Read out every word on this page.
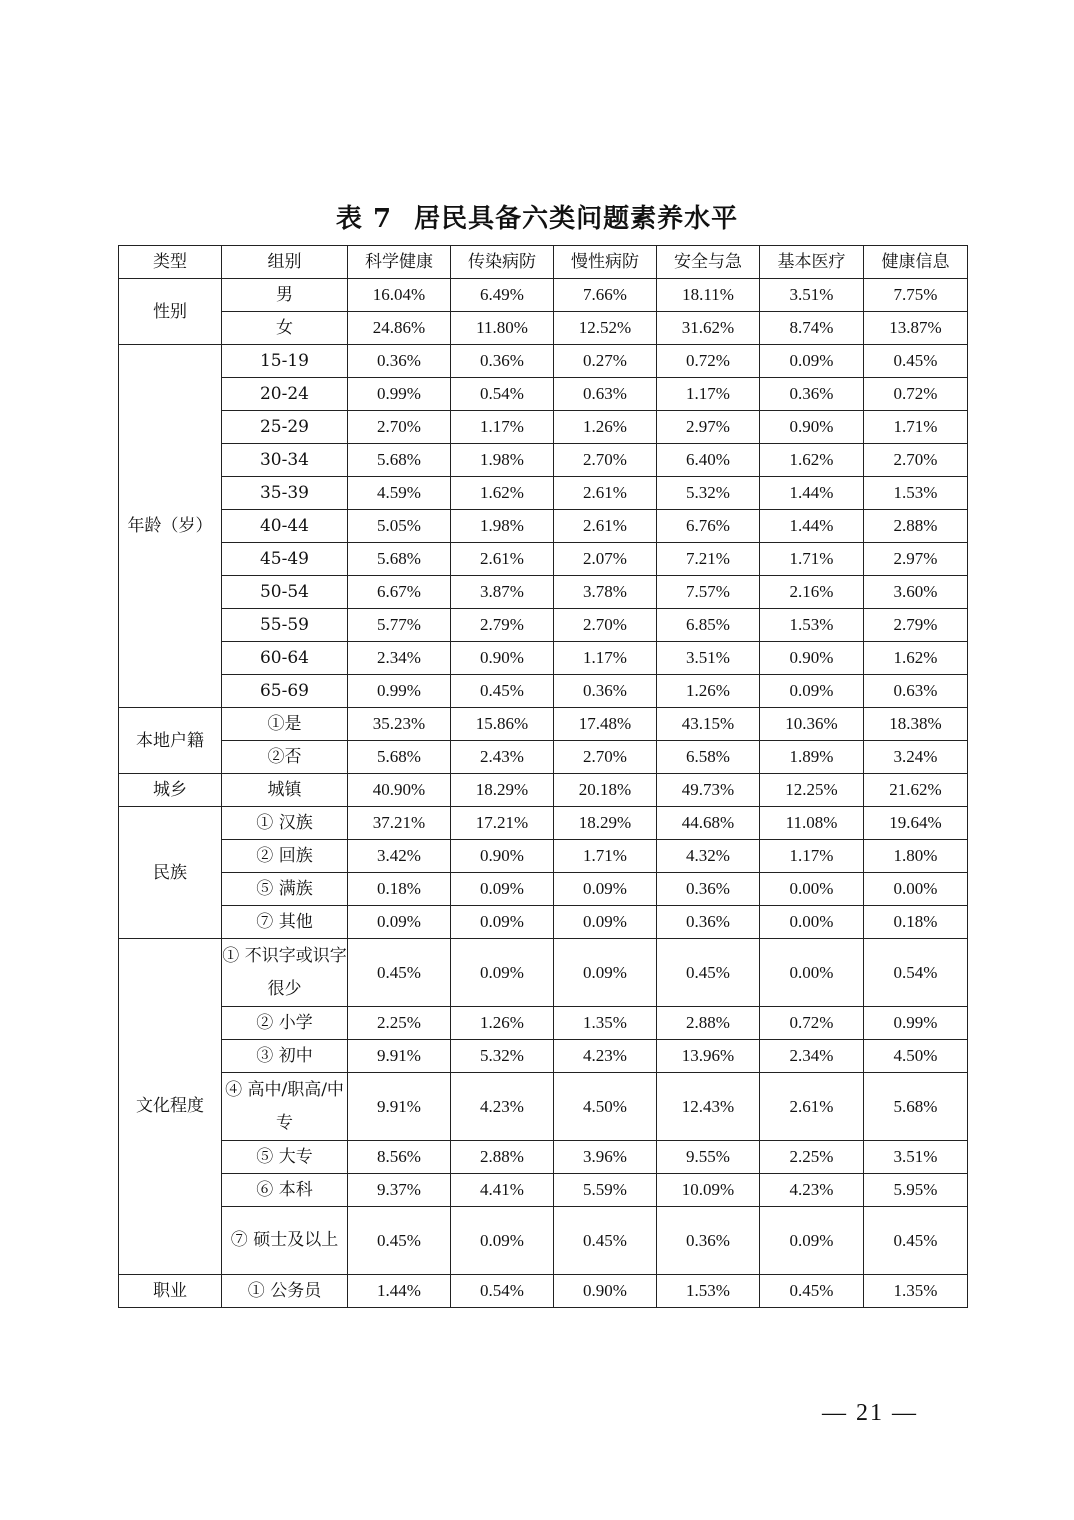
表 7 居民具备六类问题素养水平
类型	组别	科学健康	传染病防	慢性病防	安全与急	基本医疗	健康信息
性别	男	16.04%	6.49%	7.66%	18.11%	3.51%	7.75%
	女	24.86%	11.80%	12.52%	31.62%	8.74%	13.87%
年龄（岁）	15-19	0.36%	0.36%	0.27%	0.72%	0.09%	0.45%
	20-24	0.99%	0.54%	0.63%	1.17%	0.36%	0.72%
	25-29	2.70%	1.17%	1.26%	2.97%	0.90%	1.71%
	30-34	5.68%	1.98%	2.70%	6.40%	1.62%	2.70%
	35-39	4.59%	1.62%	2.61%	5.32%	1.44%	1.53%
	40-44	5.05%	1.98%	2.61%	6.76%	1.44%	2.88%
	45-49	5.68%	2.61%	2.07%	7.21%	1.71%	2.97%
	50-54	6.67%	3.87%	3.78%	7.57%	2.16%	3.60%
	55-59	5.77%	2.79%	2.70%	6.85%	1.53%	2.79%
	60-64	2.34%	0.90%	1.17%	3.51%	0.90%	1.62%
	65-69	0.99%	0.45%	0.36%	1.26%	0.09%	0.63%
本地户籍	①是	35.23%	15.86%	17.48%	43.15%	10.36%	18.38%
	②否	5.68%	2.43%	2.70%	6.58%	1.89%	3.24%
城乡	城镇	40.90%	18.29%	20.18%	49.73%	12.25%	21.62%
民族	① 汉族	37.21%	17.21%	18.29%	44.68%	11.08%	19.64%
	② 回族	3.42%	0.90%	1.71%	4.32%	1.17%	1.80%
	⑤ 满族	0.18%	0.09%	0.09%	0.36%	0.00%	0.00%
	⑦ 其他	0.09%	0.09%	0.09%	0.36%	0.00%	0.18%
文化程度	① 不识字或识字很少	0.45%	0.09%	0.09%	0.45%	0.00%	0.54%
	② 小学	2.25%	1.26%	1.35%	2.88%	0.72%	0.99%
	③ 初中	9.91%	5.32%	4.23%	13.96%	2.34%	4.50%
	④ 高中/职高/中专	9.91%	4.23%	4.50%	12.43%	2.61%	5.68%
	⑤ 大专	8.56%	2.88%	3.96%	9.55%	2.25%	3.51%
	⑥ 本科	9.37%	4.41%	5.59%	10.09%	4.23%	5.95%
	⑦ 硕士及以上	0.45%	0.09%	0.45%	0.36%	0.09%	0.45%
职业	① 公务员	1.44%	0.54%	0.90%	1.53%	0.45%	1.35%
— 21 —
